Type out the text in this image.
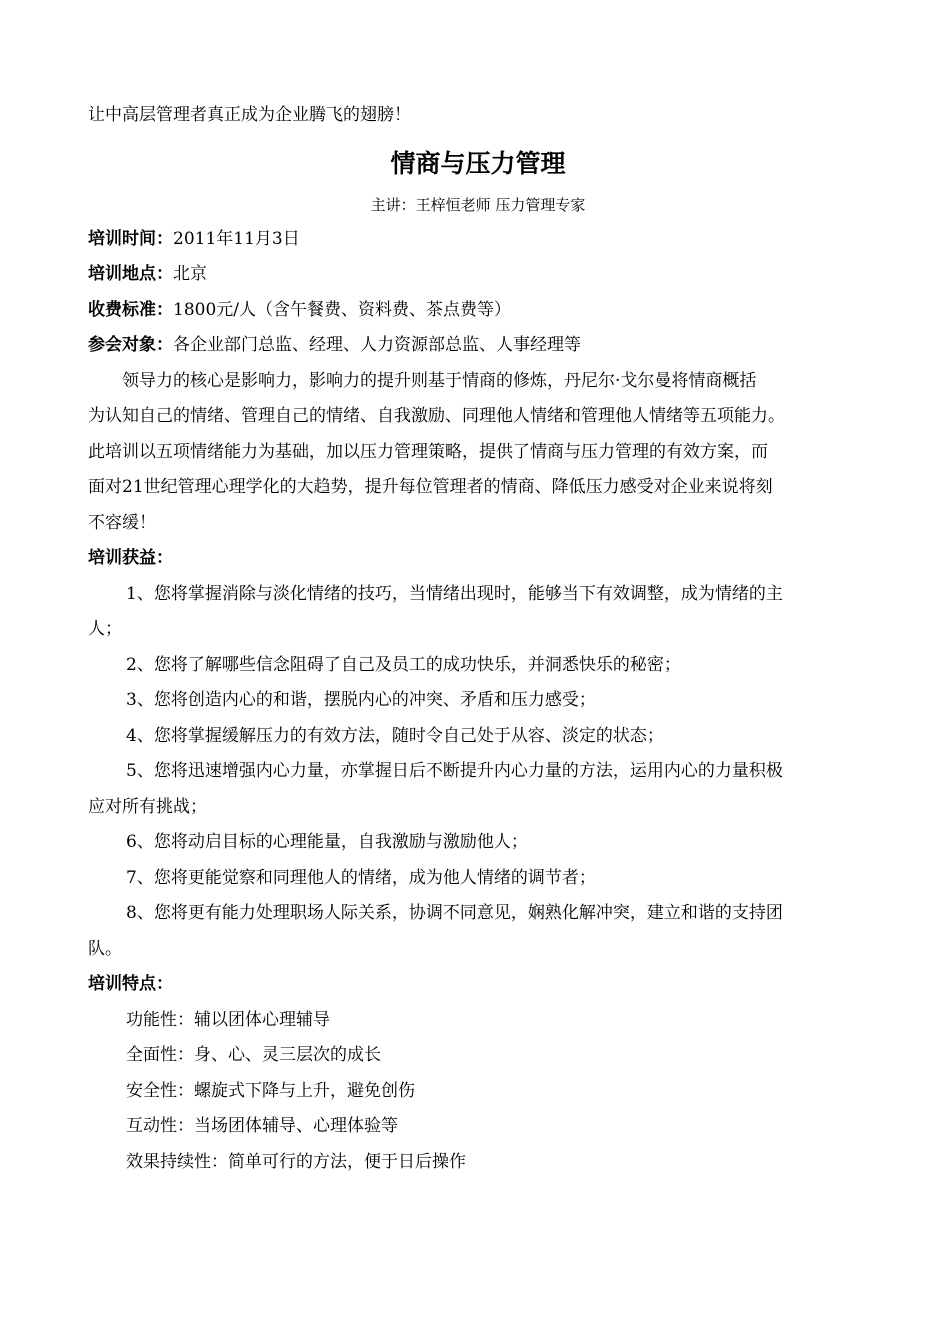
让中高层管理者真正成为企业腾飞的翅膀！
情商与压力管理
主讲：王梓恒老师 压力管理专家
培训时间：2011年11月3日
培训地点：北京
收费标准：1800元/人（含午餐费、资料费、茶点费等）
参会对象：各企业部门总监、经理、人力资源部总监、人事经理等
领导力的核心是影响力，影响力的提升则基于情商的修炼，丹尼尔·戈尔曼将情商概括
为认知自己的情绪、管理自己的情绪、自我激励、同理他人情绪和管理他人情绪等五项能力。
此培训以五项情绪能力为基础，加以压力管理策略，提供了情商与压力管理的有效方案，而
面对21世纪管理心理学化的大趋势，提升每位管理者的情商、降低压力感受对企业来说将刻
不容缓！
培训获益：
1、您将掌握消除与淡化情绪的技巧，当情绪出现时，能够当下有效调整，成为情绪的主
人；
2、您将了解哪些信念阻碍了自己及员工的成功快乐，并洞悉快乐的秘密；
3、您将创造内心的和谐，摆脱内心的冲突、矛盾和压力感受；
4、您将掌握缓解压力的有效方法，随时令自己处于从容、淡定的状态；
5、您将迅速增强内心力量，亦掌握日后不断提升内心力量的方法，运用内心的力量积极
应对所有挑战；
6、您将动启目标的心理能量，自我激励与激励他人；
7、您将更能觉察和同理他人的情绪，成为他人情绪的调节者；
8、您将更有能力处理职场人际关系，协调不同意见，娴熟化解冲突，建立和谐的支持团
队。
培训特点：
功能性：辅以团体心理辅导
全面性：身、心、灵三层次的成长
安全性：螺旋式下降与上升，避免创伤
互动性：当场团体辅导、心理体验等
效果持续性：简单可行的方法，便于日后操作
